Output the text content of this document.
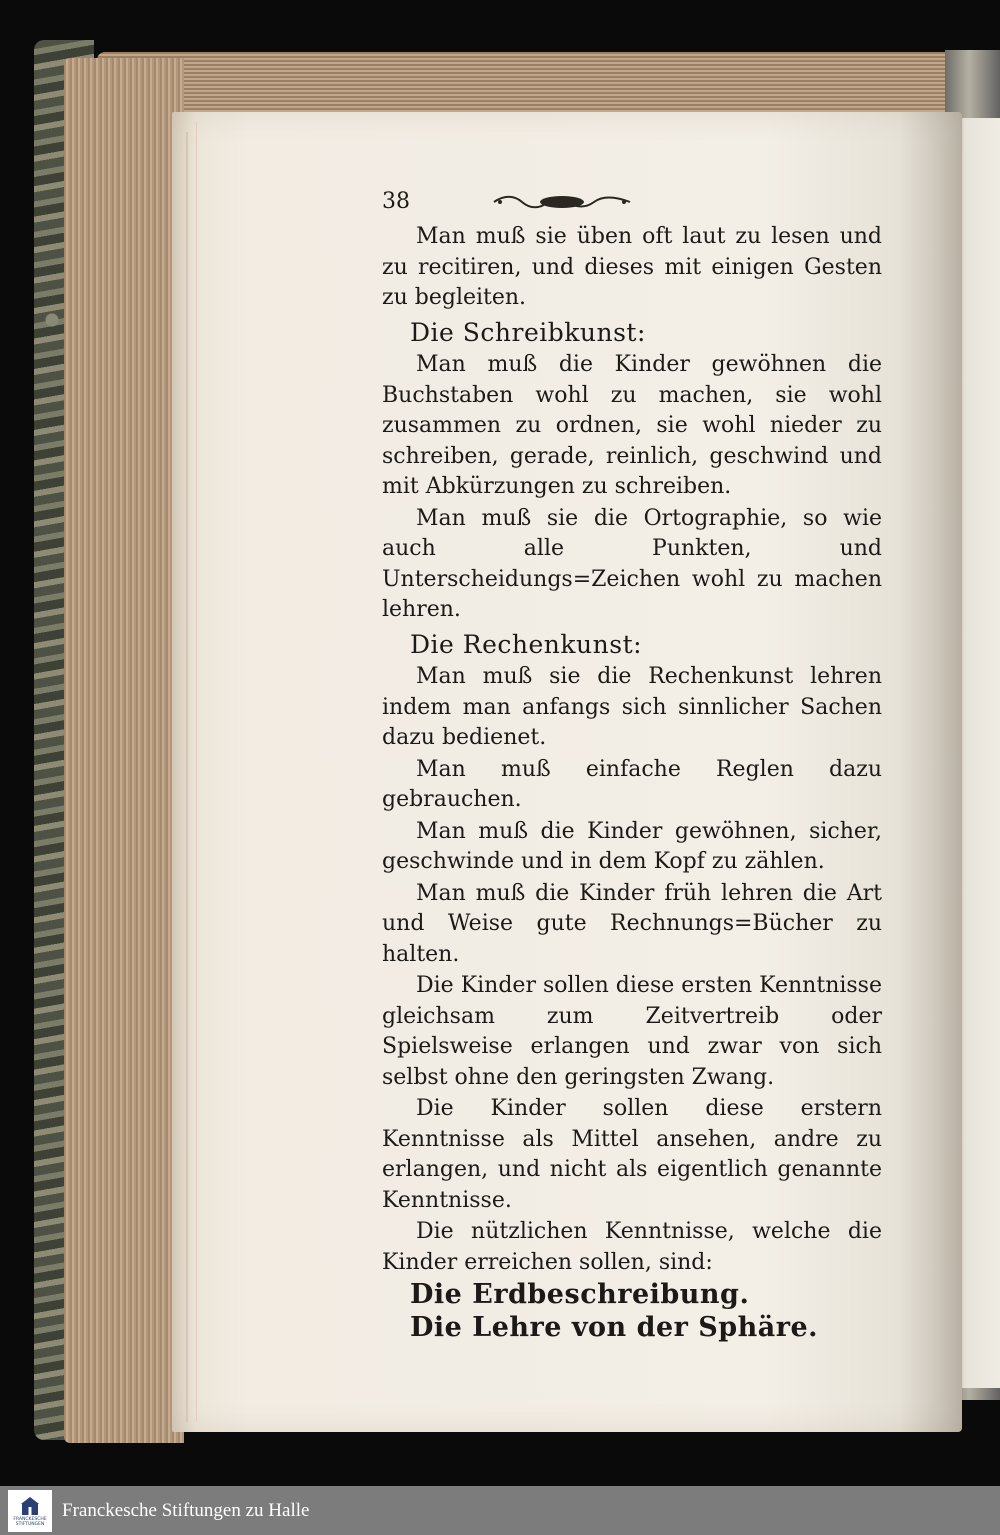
38
Man muß sie üben oft laut zu lesen und zu recitiren, und dieses mit einigen Gesten zu begleiten.
Die Schreibkunst:
Man muß die Kinder gewöhnen die Buchstaben wohl zu machen, sie wohl zusammen zu ordnen, sie wohl nieder zu schreiben, gerade, reinlich, geschwind und mit Abkürzungen zu schreiben.
Man muß sie die Ortographie, so wie auch alle Punkten, und Unterscheidungs=Zeichen wohl zu machen lehren.
Die Rechenkunst:
Man muß sie die Rechenkunst lehren indem man anfangs sich sinnlicher Sachen dazu bedienet.
Man muß einfache Reglen dazu gebrauchen.
Man muß die Kinder gewöhnen, sicher, geschwinde und in dem Kopf zu zählen.
Man muß die Kinder früh lehren die Art und Weise gute Rechnungs=Bücher zu halten.
Die Kinder sollen diese ersten Kenntnisse gleichsam zum Zeitvertreib oder Spielsweise erlangen und zwar von sich selbst ohne den geringsten Zwang.
Die Kinder sollen diese erstern Kenntnisse als Mittel ansehen, andre zu erlangen, und nicht als eigentlich genannte Kenntnisse.
Die nützlichen Kenntnisse, welche die Kinder erreichen sollen, sind:
Die Erdbeschreibung.
Die Lehre von der Sphäre.
FRANCKESCHE STIFTUNGEN
Franckesche Stiftungen zu Halle
